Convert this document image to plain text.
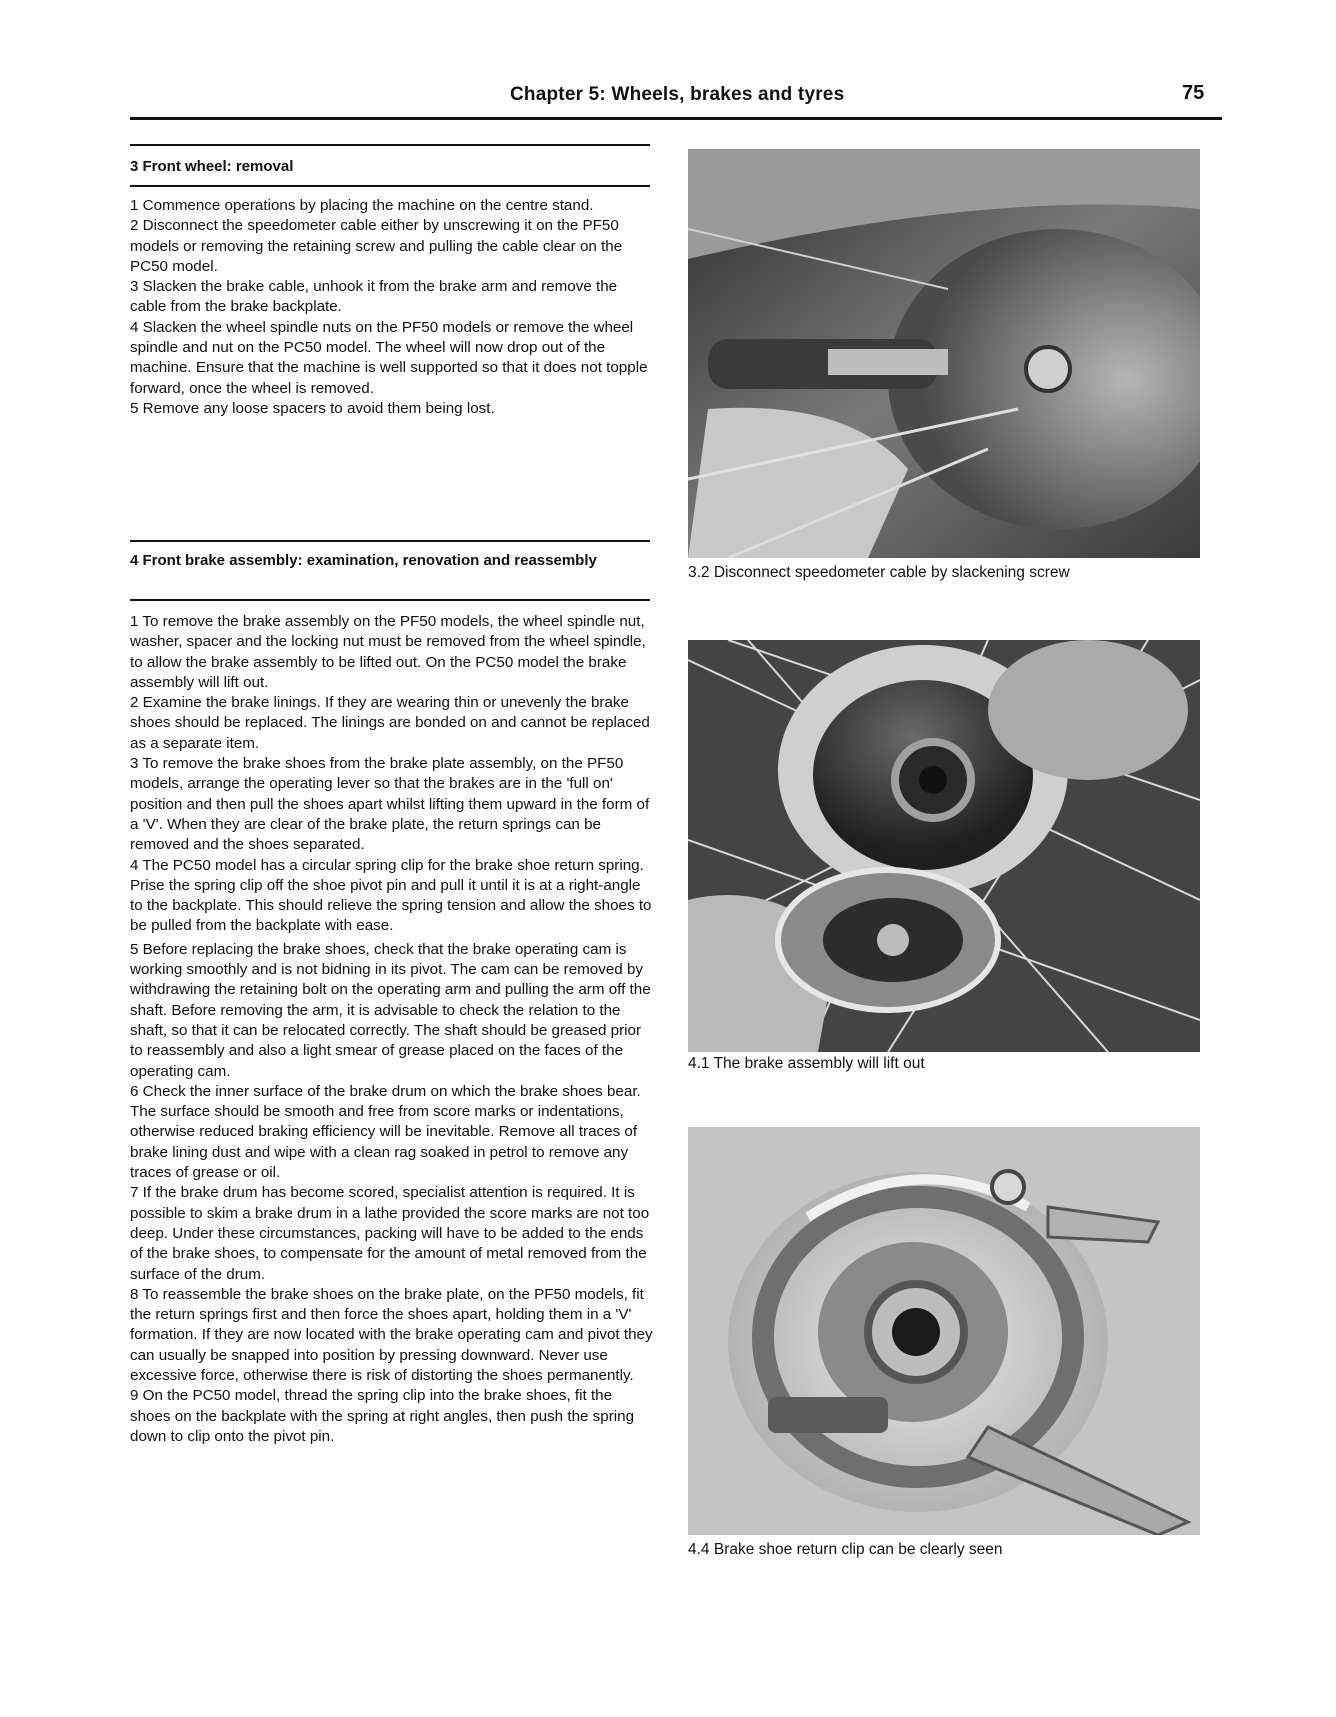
Chapter 5: Wheels, brakes and tyres	75
3 Front wheel: removal

1 Commence operations by placing the machine on the centre stand.

2 Disconnect the speedometer cable either by unscrewing it on the PF50 models or removing the retaining screw and pulling the cable clear on the PC50 model.

3 Slacken the brake cable, unhook it from the brake arm and remove the cable from the brake backplate.

4 Slacken the wheel spindle nuts on the PF50 models or remove the wheel spindle and nut on the PC50 model. The wheel will now drop out of the machine. Ensure that the machine is well supported so that it does not topple forward, once the wheel is removed.

5 Remove any loose spacers to avoid them being lost.

4 Front brake assembly: examination, renovation and reassembly

1 To remove the brake assembly on the PF50 models, the wheel spindle nut, washer, spacer and the locking nut must be removed from the wheel spindle, to allow the brake assembly to be lifted out. On the PC50 model the brake assembly will lift out.

2 Examine the brake linings. If they are wearing thin or unevenly the brake shoes should be replaced. The linings are bonded on and cannot be replaced as a separate item.

3 To remove the brake shoes from the brake plate assembly, on the PF50 models, arrange the operating lever so that the brakes are in the 'full on' position and then pull the shoes apart whilst lifting them upward in the form of a 'V'. When they are clear of the brake plate, the return springs can be removed and the shoes separated.

4 The PC50 model has a circular spring clip for the brake shoe return spring. Prise the spring clip off the shoe pivot pin and pull it until it is at a right-angle to the backplate. This should relieve the spring tension and allow the shoes to be pulled from the backplate with ease.

5 Before replacing the brake shoes, check that the brake operating cam is working smoothly and is not bidning in its pivot. The cam can be removed by withdrawing the retaining bolt on the operating arm and pulling the arm off the shaft. Before removing the arm, it is advisable to check the relation to the shaft, so that it can be relocated correctly. The shaft should be greased prior to reassembly and also a light smear of grease placed on the faces of the operating cam.

6 Check the inner surface of the brake drum on which the brake shoes bear. The surface should be smooth and free from score marks or indentations, otherwise reduced braking efficiency will be inevitable. Remove all traces of brake lining dust and wipe with a clean rag soaked in petrol to remove any traces of grease or oil.

7 If the brake drum has become scored, specialist attention is required. It is possible to skim a brake drum in a lathe provided the score marks are not too deep. Under these circumstances, packing will have to be added to the ends of the brake shoes, to compensate for the amount of metal removed from the surface of the drum.

8 To reassemble the brake shoes on the brake plate, on the PF50 models, fit the return springs first and then force the shoes apart, holding them in a 'V' formation. If they are now located with the brake operating cam and pivot they can usually be snapped into position by pressing downward. Never use excessive force, otherwise there is risk of distorting the shoes permanently.

9 On the PC50 model, thread the spring clip into the brake shoes, fit the shoes on the backplate with the spring at right angles, then push the spring down to clip onto the pivot pin.

3.2 Disconnect speedometer cable by slackening screw
4.1 The brake assembly will lift out
4.4 Brake shoe return clip can be clearly seen
